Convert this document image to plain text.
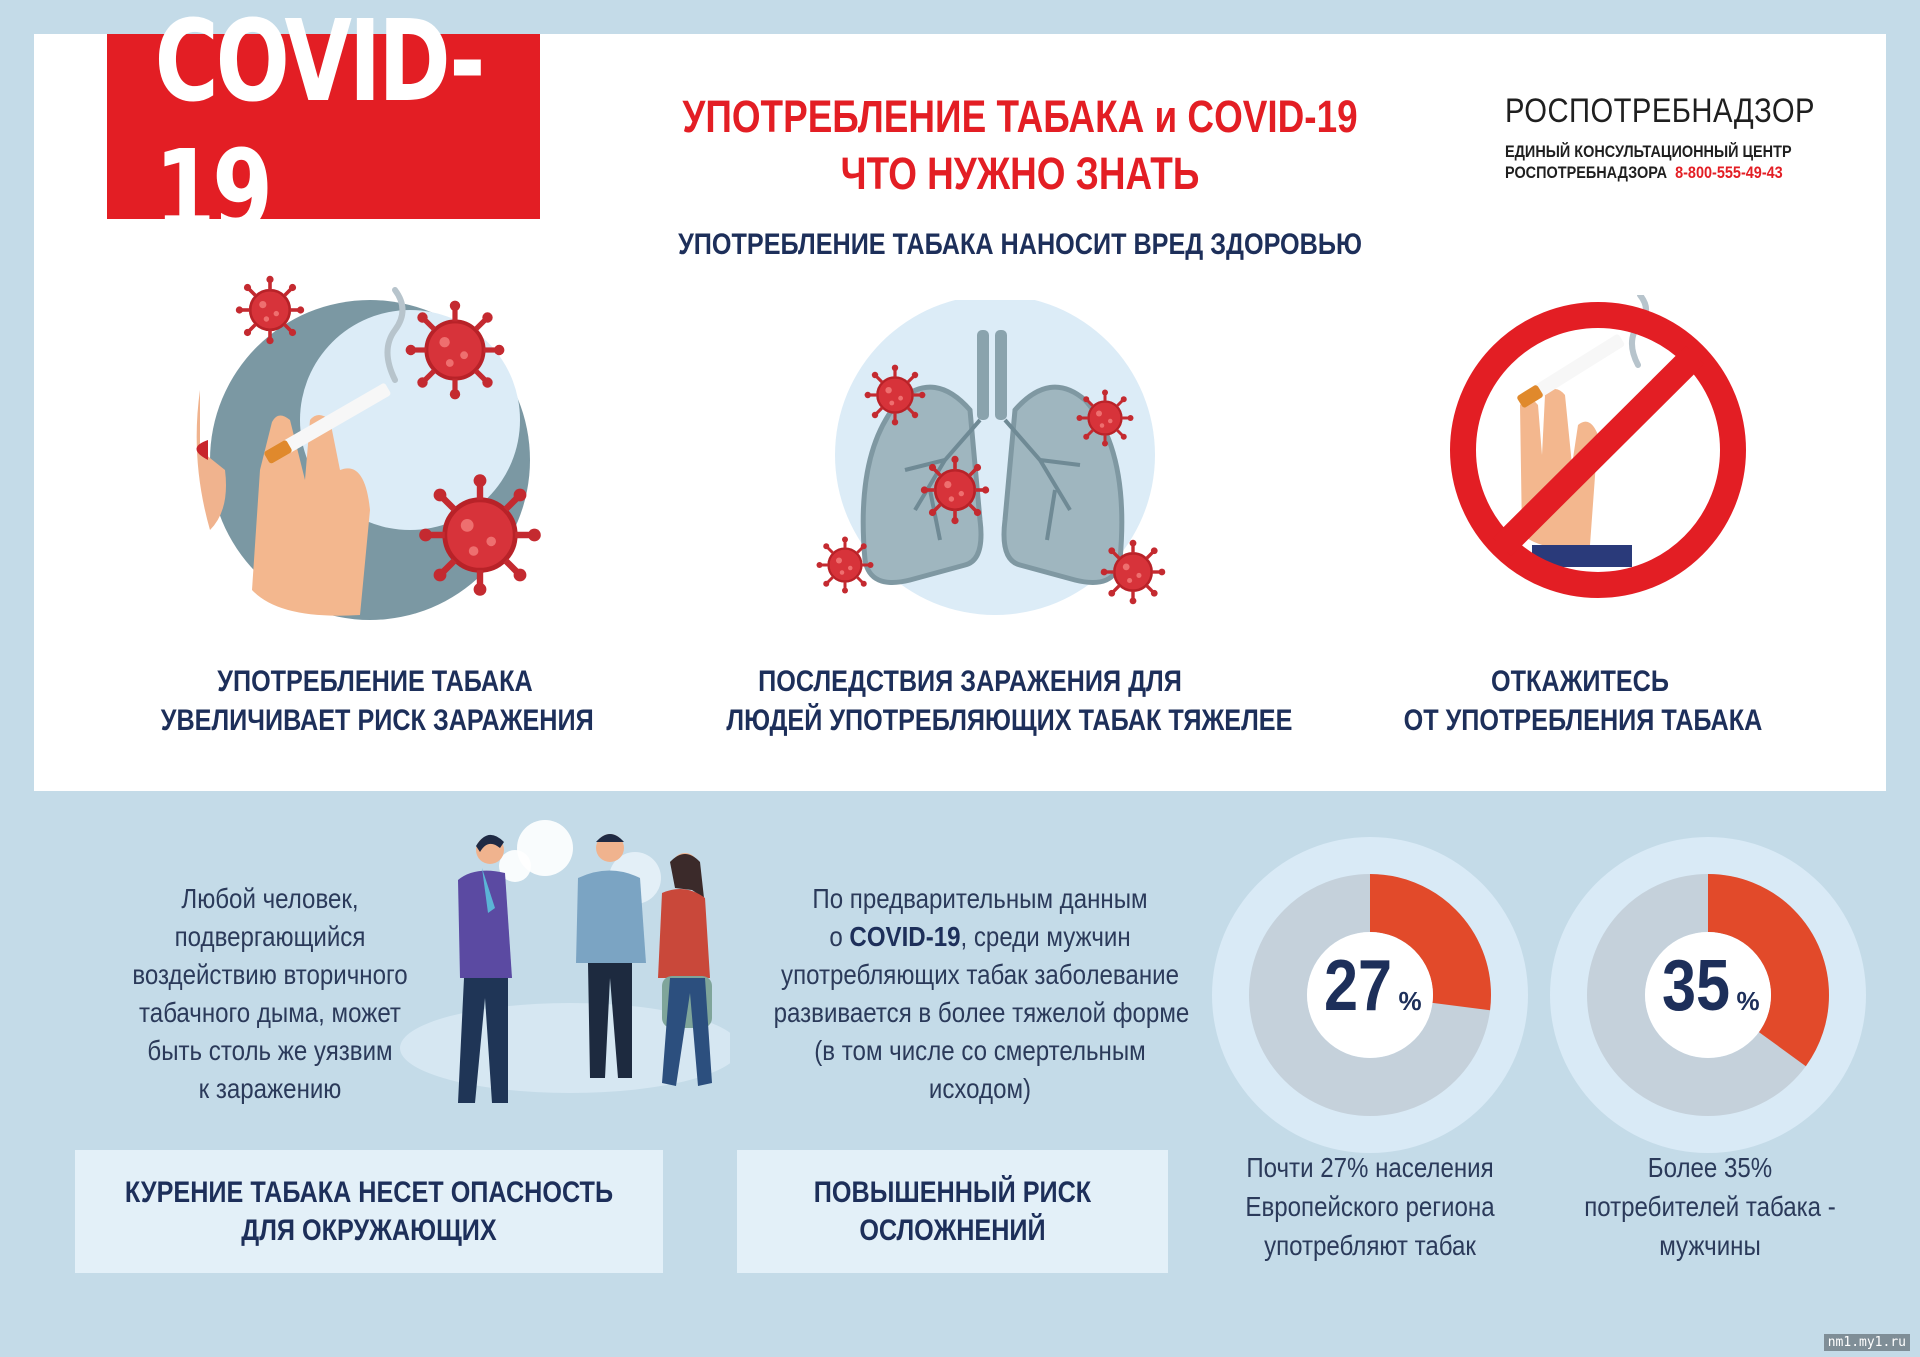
COVID-19
УПОТРЕБЛЕНИЕ ТАБАКА и COVID-19
ЧТО НУЖНО ЗНАТЬ
РОСПОТРЕБНАДЗОР
ЕДИНЫЙ КОНСУЛЬТАЦИОННЫЙ ЦЕНТР
РОСПОТРЕБНАДЗОРА 8-800-555-49-43
УПОТРЕБЛЕНИЕ ТАБАКА НАНОСИТ ВРЕД ЗДОРОВЬЮ
УПОТРЕБЛЕНИЕ ТАБАКА
УВЕЛИЧИВАЕТ РИСК ЗАРАЖЕНИЯ
ПОСЛЕДСТВИЯ ЗАРАЖЕНИЯ ДЛЯ
ЛЮДЕЙ УПОТРЕБЛЯЮЩИХ ТАБАК ТЯЖЕЛЕЕ
ОТКАЖИТЕСЬ
ОТ УПОТРЕБЛЕНИЯ ТАБАКА
Любой человек,
подвергающийся
воздействию вторичного
табачного дыма, может
быть столь же уязвим
к заражению
По предварительным данным
о COVID-19, среди мужчин
употребляющих табак заболевание
развивается в более тяжелой форме
(в том числе со смертельным
исходом)
КУРЕНИЕ ТАБАКА НЕСЕТ ОПАСНОСТЬ
ДЛЯ ОКРУЖАЮЩИХ
ПОВЫШЕННЫЙ РИСК
ОСЛОЖНЕНИЙ
27 %	35 %
Почти 27% населения
Европейского региона
употребляют табак
Более 35%
потребителей табака -
мужчины
nm1.my1.ru
